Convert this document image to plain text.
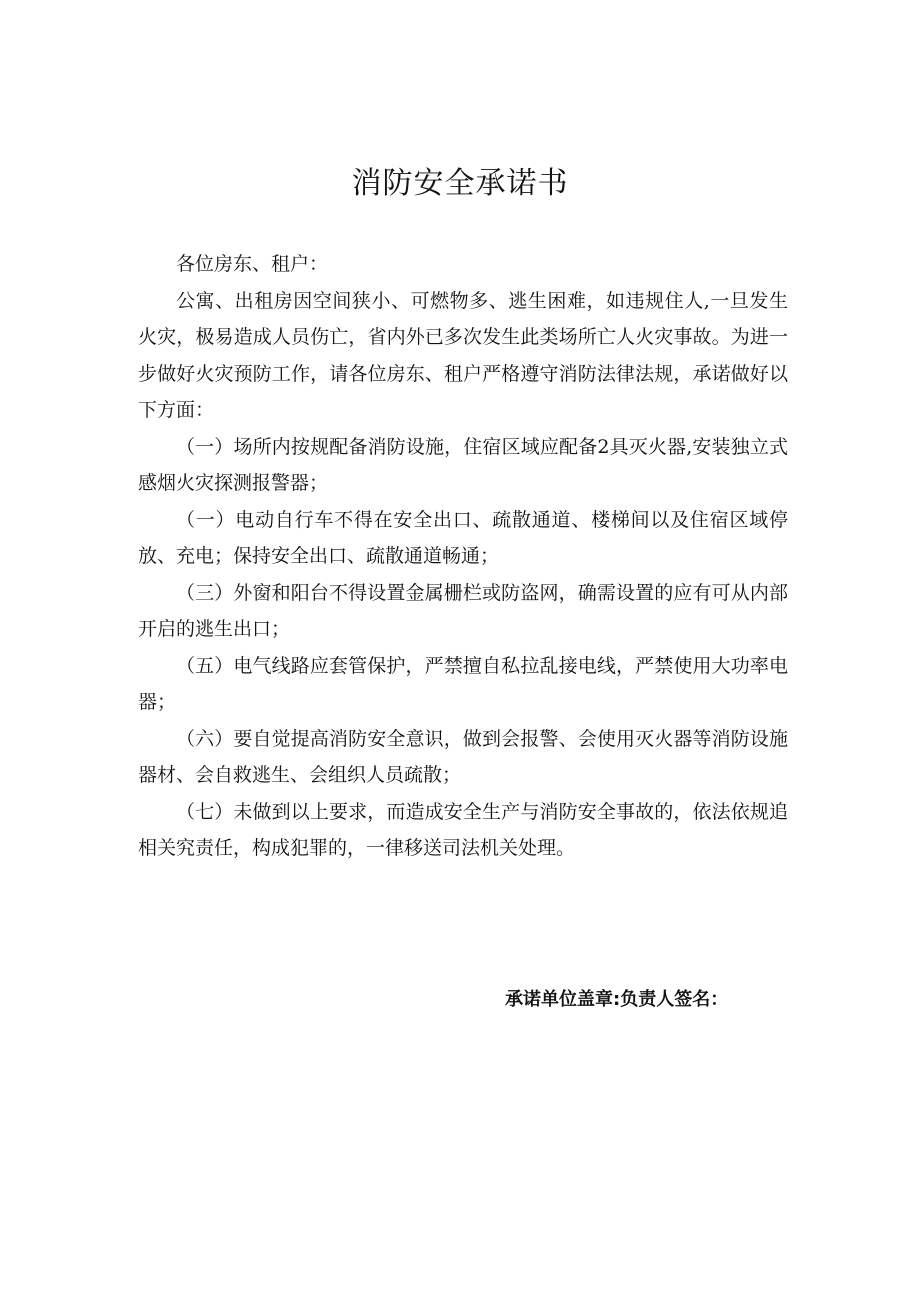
消防安全承诺书

各位房东、租户：

公寓、出租房因空间狭小、可燃物多、逃生困难，如违规住人,一旦发生火灾，极易造成人员伤亡，省内外已多次发生此类场所亡人火灾事故。为进一步做好火灾预防工作，请各位房东、租户严格遵守消防法律法规，承诺做好以下方面：

（一）场所内按规配备消防设施，住宿区域应配备2具灭火器,安装独立式感烟火灾探测报警器；

（一）电动自行车不得在安全出口、疏散通道、楼梯间以及住宿区域停放、充电；保持安全出口、疏散通道畅通；

（三）外窗和阳台不得设置金属栅栏或防盗网，确需设置的应有可从内部开启的逃生出口；

（五）电气线路应套管保护，严禁擅自私拉乱接电线，严禁使用大功率电器；

（六）要自觉提高消防安全意识，做到会报警、会使用灭火器等消防设施器材、会自救逃生、会组织人员疏散；

（七）未做到以上要求，而造成安全生产与消防安全事故的，依法依规追相关究责任，构成犯罪的，一律移送司法机关处理。

承诺单位盖章:负责人签名：
